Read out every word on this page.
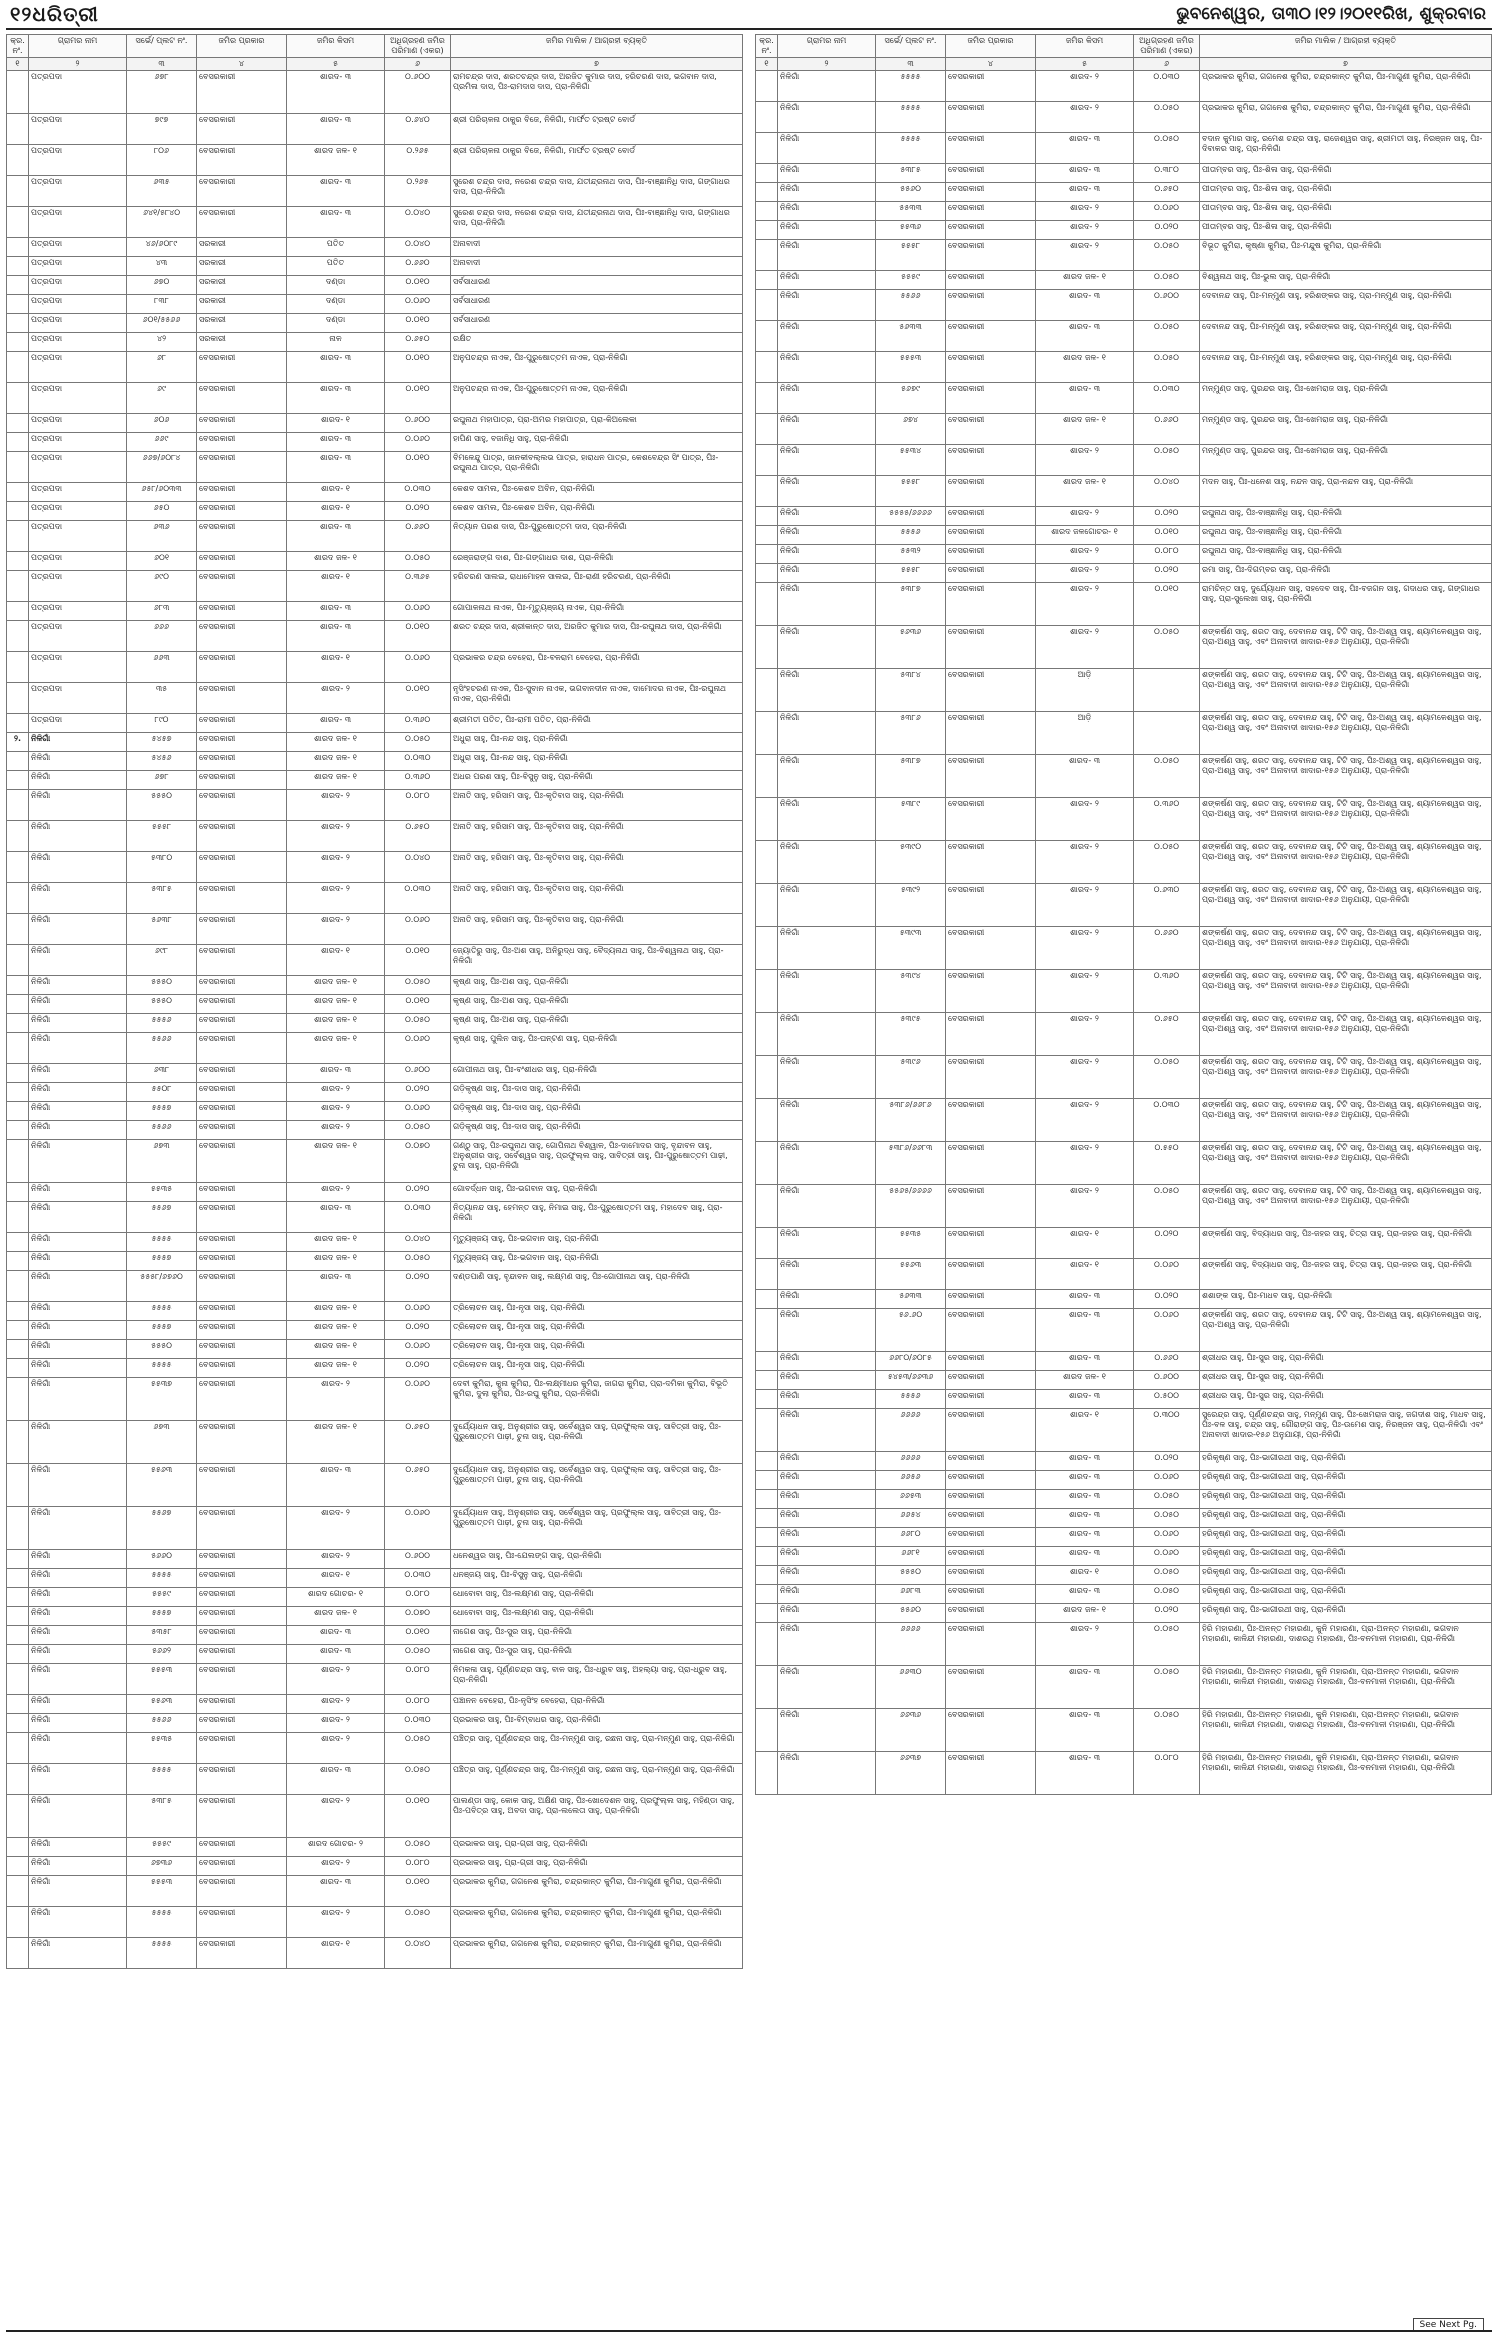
୧୨ଧରିତ୍ରୀ	ଭୁବନେଶ୍ୱର, ତା୩୦।୧୨।୨୦୧୧ରିଖ, ଶୁକ୍ରବାର
କ୍ର. ନଂ.	ଗ୍ରାମର ନାମ	ସର୍ଭେ/ ପ୍ଲଟ ନଂ.	ଜମିର ପ୍ରକାର	ଜମିର କିସମ	ଅଧିଗ୍ରହଣ ଜମିର ପରିମାଣ (ଏକର)	ଜମିର ମାଲିକ / ଆଗ୍ରହୀ ବ୍ୟକ୍ତି
୧	୨	୩	୪	୫	୬	୭
	ପତ୍ରପଦା	୬୭୮	ବେସରକାରୀ	ଶାରଦ- ୩	୦.୬୦୦	ରାମଚନ୍ଦ୍ର ଦାସ, ଶରତଚନ୍ଦ୍ର ଦାସ, ଅରଜିତ କୁମାର ଦାସ, ହରିଚରଣ ଦାସ, ଭଗବାନ ଦାସ, ପ୍ରମିଳା ଦାସ, ପିଃ-ରାମଦାସ ଦାସ, ପ୍ରା-ନିଳିଗାଁ
	ପତ୍ରପଦା	୭୯୭	ବେସରକାରୀ	ଶାରଦ- ୩	୦.୬୪୦	ଶ୍ରୀ ପରିଚାଳନା ଠାକୁର ବିଜେ, ନିଳିଗାଁ, ମାର୍ଫତ ଟ୍ରଷ୍ଟ ବୋର୍ଡ
	ପତ୍ରପଦା	୮୦୬	ବେସରକାରୀ	ଶାରଦ ଜଳ- ୧	୦.୨୬୫	ଶ୍ରୀ ପରିଚାଳନା ଠାକୁର ବିଜେ, ନିଳିଗାଁ, ମାର୍ଫତ ଟ୍ରଷ୍ଟ ବୋର୍ଡ
	ପତ୍ରପଦା	୬୩୫	ବେସରକାରୀ	ଶାରଦ- ୩	୦.୨୬୫	ସୁରେଶ ଚନ୍ଦ୍ର ଦାସ, ନରେଶ ଚନ୍ଦ୍ର ଦାସ, ଯତୀନ୍ଦ୍ରନାଥ ଦାସ, ପିଃ-ବାଞ୍ଛାନିଧି ଦାସ, ଗଙ୍ଗାଧର ଦାସ, ପ୍ରା-ନିଳିଗାଁ
	ପତ୍ରପଦା	୬୪୧/୫୮୪୦	ବେସରକାରୀ	ଶାରଦ- ୩	୦.୦୪୦	ସୁରେଶ ଚନ୍ଦ୍ର ଦାସ, ନରେଶ ଚନ୍ଦ୍ର ଦାସ, ଯତୀନ୍ଦ୍ରନାଥ ଦାସ, ପିଃ-ବାଞ୍ଛାନିଧି ଦାସ, ଗଙ୍ଗାଧର ଦାସ, ପ୍ରା-ନିଳିଗାଁ
	ପତ୍ରପଦା	୪୬/୬୦୮୯	ସରକାରୀ	ପତିତ	୦.୦୪୦	ଅନାବାଦୀ
	ପତ୍ରପଦା	୪୩	ସରକାରୀ	ପତିତ	୦.୬୬୦	ଅନାବାଦୀ
	ପତ୍ରପଦା	୬୭୦	ସରକାରୀ	ଦଣ୍ଡା	୦.୦୧୦	ସର୍ବସାଧାରଣ
	ପତ୍ରପଦା	୮୩୮	ସରକାରୀ	ଦଣ୍ଡା	୦.୦୬୦	ସର୍ବସାଧାରଣ
	ପତ୍ରପଦା	୬୦୧/୫୫୬୬	ସରକାରୀ	ଦଣ୍ଡା	୦.୦୧୦	ସର୍ବସାଧାରଣ
	ପତ୍ରପଦା	୪୨	ସରକାରୀ	ନାଳ	୦.୬୫୦	ରକ୍ଷିତ
	ପତ୍ରପଦା	୬୮	ବେସରକାରୀ	ଶାରଦ- ୩	୦.୦୧୦	ଅନୁପଚନ୍ଦ୍ର ନାଏକ, ପିଃ-ପୁରୁଷୋତ୍ତମ ନାଏକ, ପ୍ରା-ନିଳିଗାଁ
	ପତ୍ରପଦା	୬୯	ବେସରକାରୀ	ଶାରଦ- ୩	୦.୦୧୦	ଅନୁପଚନ୍ଦ୍ର ନାଏକ, ପିଃ-ପୁରୁଷୋତ୍ତମ ନାଏକ, ପ୍ରା-ନିଳିଗାଁ
	ପତ୍ରପଦା	୬୦୬	ବେସରକାରୀ	ଶାରଦ- ୧	୦.୬୦୦	ରଘୁନାଥ ମହାପାତ୍ର, ପ୍ରା-ଅମର ମହାପାତ୍ର, ପ୍ରା-କିଅଲେକା
	ପତ୍ରପଦା	୬୬୯	ବେସରକାରୀ	ଶାରଦ- ୩	୦.୦୬୦	ହାପିଣ ସାହୁ, ବଜାନିଧି ସାହୁ, ପ୍ରା-ନିଳିଗାଁ
	ପତ୍ରପଦା	୬୬୭/୬୦୮୪	ବେସରକାରୀ	ଶାରଦ- ୩	୦.୦୧୦	ବିମଳେନ୍ଦୁ ପାତ୍ର, ଜାନକୀବଲ୍ଲଭ ପାତ୍ର, ହାରାଧନ ପାତ୍ର, କେଶବେନ୍ଦ୍ର ସିଂ ପାତ୍ର, ପିଃ-ରଘୁନାଥ ପାତ୍ର, ପ୍ରା-ନିଳିଗାଁ
	ପତ୍ରପଦା	୬୫୮/୬୦୩୩	ବେସରକାରୀ	ଶାରଦ- ୧	୦.୦୩୦	କେଶବ ସାମଲ, ପିଃ-କେଶବ ଅବିନ, ପ୍ରା-ନିଳିଗାଁ
	ପତ୍ରପଦା	୬୫୦	ବେସରକାରୀ	ଶାରଦ- ୧	୦.୦୨୦	କେଶବ ସାମଲ, ପିଃ-କେଶବ ଅବିନ, ପ୍ରା-ନିଳିଗାଁ
	ପତ୍ରପଦା	୬୩୬	ବେସରକାରୀ	ଶାରଦ- ୩	୦.୬୬୦	ନିତ୍ୟାନ ପରଶ ଦାସ, ପିଃ-ପୁରୁଷୋତ୍ତମ ଦାସ, ପ୍ରା-ନିଳିଗାଁ
	ପତ୍ରପଦା	୬୦୧	ବେସରକାରୀ	ଶାରଦ ଜଳ- ୧	୦.୦୫୦	ରେଞ୍ଜରାଙ୍ଗ ଦାଶ, ପିଃ-ଗଙ୍ଗାଧର ଦାଶ, ପ୍ରା-ନିଳିଗାଁ
	ପତ୍ରପଦା	୬୯୦	ବେସରକାରୀ	ଶାରଦ- ୧	୦.୩୬୫	ହରିଚରଣ ସାଲଇ, ରାଧାମୋହନ ସାଲଇ, ପିଃ-ରାଣୀ ହରିଚରଣ, ପ୍ରା-ନିଳିଗାଁ
	ପତ୍ରପଦା	୬୮୩	ବେସରକାରୀ	ଶାରଦ- ୩	୦.୦୬୦	ଗୋପାଳନାଥ ନାଏକ, ପିଃ-ମୃତ୍ୟୁଞ୍ଜୟ ନାଏକ, ପ୍ରା-ନିଳିଗାଁ
	ପତ୍ରପଦା	୬୬୬	ବେସରକାରୀ	ଶାରଦ- ୩	୦.୦୧୦	ଶରତ ଚନ୍ଦ୍ର ଦାସ, ଶ୍ରୀକାନ୍ତ ଦାସ, ଅରଜିତ କୁମାର ଦାସ, ପିଃ-ରଘୁନାଥ ଦାସ, ପ୍ରା-ନିଳିଗାଁ
	ପତ୍ରପଦା	୬୬୩	ବେସରକାରୀ	ଶାରଦ- ୧	୦.୦୬୦	ପ୍ରଭାକର ଚନ୍ଦ୍ର ବେହେରା, ପିଃ-ବଳରାମ ବେହେରା, ପ୍ରା-ନିଳିଗାଁ
	ପତ୍ରପଦା	୩୫	ବେସରକାରୀ	ଶାରଦ- ୨	୦.୦୧୦	ନୃସିଂହଚରଣ ନାଏକ, ପିଃ-ସୁବାନ ନାଏକ, ଭଗବାନଦୀନ ନାଏକ, ଦାମୋଦର ନାଏକ, ପିଃ-ରଘୁନାଥ ନାଏକ, ପ୍ରା-ନିଳିଗାଁ
	ପତ୍ରପଦା	୮୯୦	ବେସରକାରୀ	ଶାରଦ- ୩	୦.୩୬୦	ଶ୍ରୀମତୀ ପତିତ, ପିଃ-ରାମୀ ପତିତ, ପ୍ରା-ନିଳିଗାଁ
୨.	ନିଳିଗାଁ	୫୪୫୭	ବେସରକାରୀ	ଶାରଦ ଜଳ- ୧	୦.୦୫୦	ଅଧୁରା ସାହୁ, ପିଃ-ନନ୍ଦ ସାହୁ, ପ୍ରା-ନିଳିଗାଁ
	ନିଳିଗାଁ	୫୪୫୬	ବେସରକାରୀ	ଶାରଦ ଜଳ- ୧	୦.୦୩୦	ଅଧୁରା ସାହୁ, ପିଃ-ନନ୍ଦ ସାହୁ, ପ୍ରା-ନିଳିଗାଁ
	ନିଳିଗାଁ	୬୭୮	ବେସରକାରୀ	ଶାରଦ ଜଳ- ୧	୦.୩୬୦	ଅଧର ପରଶ ସାହୁ, ପିଃ-ବିସୁନୁ ସାହୁ, ପ୍ରା-ନିଳିଗାଁ
	ନିଳିଗାଁ	୫୫୫୦	ବେସରକାରୀ	ଶାରଦ- ୨	୦.୦୮୦	ଅନାତି ସାହୁ, ହରିସାମ ସାହୁ, ପିଃ-କୃତିବାସ ସାହୁ, ପ୍ରା-ନିଳିଗାଁ
	ନିଳିଗାଁ	୫୫୫୮	ବେସରକାରୀ	ଶାରଦ- ୨	୦.୬୫୦	ଅନାତି ସାହୁ, ହରିସାମ ସାହୁ, ପିଃ-କୃତିବାସ ସାହୁ, ପ୍ରା-ନିଳିଗାଁ
	ନିଳିଗାଁ	୫୩୮୦	ବେସରକାରୀ	ଶାରଦ- ୨	୦.୦୪୦	ଅନାତି ସାହୁ, ହରିସାମ ସାହୁ, ପିଃ-କୃତିବାସ ସାହୁ, ପ୍ରା-ନିଳିଗାଁ
	ନିଳିଗାଁ	୫୩୮୫	ବେସରକାରୀ	ଶାରଦ- ୨	୦.୦୩୦	ଅନାତି ସାହୁ, ହରିସାମ ସାହୁ, ପିଃ-କୃତିବାସ ସାହୁ, ପ୍ରା-ନିଳିଗାଁ
	ନିଳିଗାଁ	୫୬୩୮	ବେସରକାରୀ	ଶାରଦ- ୨	୦.୦୬୦	ଅନାତି ସାହୁ, ହରିସାମ ସାହୁ, ପିଃ-କୃତିବାସ ସାହୁ, ପ୍ରା-ନିଳିଗାଁ
	ନିଳିଗାଁ	୬୯୮	ବେସରକାରୀ	ଶାରଦ- ୧	୦.୦୧୦	ଜ୍ୟୋତିରୁ ସାହୁ, ପିଃ-ଅଶ ସାହୁ, ଅନିରୁଦ୍ଧ ସାହୁ, ବୈଦ୍ୟନାଥ ସାହୁ, ପିଃ-ବିଶ୍ୱନାଥ ସାହୁ, ପ୍ରା-ନିଳିଗାଁ
	ନିଳିଗାଁ	୫୫୫୦	ବେସରକାରୀ	ଶାରଦ ଜଳ- ୧	୦.୦୫୦	କୃଷ୍ଣ ସାହୁ, ପିଃ-ଅଶ ସାହୁ, ପ୍ରା-ନିଳିଗାଁ
	ନିଳିଗାଁ	୫୫୫୦	ବେସରକାରୀ	ଶାରଦ ଜଳ- ୧	୦.୦୧୦	କୃଷ୍ଣ ସାହୁ, ପିଃ-ଅଶ ସାହୁ, ପ୍ରା-ନିଳିଗାଁ
	ନିଳିଗାଁ	୫୫୫୬	ବେସରକାରୀ	ଶାରଦ ଜଳ- ୧	୦.୦୫୦	କୃଷ୍ଣ ସାହୁ, ପିଃ-ଅଶ ସାହୁ, ପ୍ରା-ନିଳିଗାଁ
	ନିଳିଗାଁ	୫୫୬୬	ବେସରକାରୀ	ଶାରଦ ଜଳ- ୧	୦.୦୬୦	କୃଷ୍ଣ ସାହୁ, ପୁଲିନ ସାହୁ, ପିଃ-ଘନ୍ଟଣ ସାହୁ, ପ୍ରା-ନିଳିଗାଁ
	ନିଳିଗାଁ	୬୩୮	ବେସରକାରୀ	ଶାରଦ- ୩	୦.୬୦୦	ଗୋପୀନାଥ ସାହୁ, ପିଃ-ବଂଶୀଧର ସାହୁ, ପ୍ରା-ନିଳିଗାଁ
	ନିଳିଗାଁ	୫୫୦୮	ବେସରକାରୀ	ଶାରଦ- ୨	୦.୦୨୦	ଗଡ଼ିକୃଷ୍ଣ ସାହୁ, ପିଃ-ଦାସ ସାହୁ, ପ୍ରା-ନିଳିଗାଁ
	ନିଳିଗାଁ	୫୫୫୭	ବେସରକାରୀ	ଶାରଦ- ୨	୦.୦୬୦	ଗଡ଼ିକୃଷ୍ଣ ସାହୁ, ପିଃ-ଦାସ ସାହୁ, ପ୍ରା-ନିଳିଗାଁ
	ନିଳିଗାଁ	୫୫୬୬	ବେସରକାରୀ	ଶାରଦ- ୨	୦.୦୫୦	ଗଡ଼ିକୃଷ୍ଣ ସାହୁ, ପିଃ-ଦାସ ସାହୁ, ପ୍ରା-ନିଳିଗାଁ
	ନିଳିଗାଁ	୬୭୩	ବେସରକାରୀ	ଶାରଦ ଜଳ- ୧	୦.୦୭୦	ଗଣ୍ଠୁ ସାହୁ, ପିଃ-ରଘୁନାଥ ସାହୁ, ଗୋପିନାଥ ବିଶ୍ୱାଳ, ପିଃ-ଦାମୋଦର ସାହୁ, ବୃନ୍ଦାବନ ସାହୁ, ଅନୁଶ୍ରୀର ସାହୁ, ସର୍ବେଶ୍ୱର ସାହୁ, ପ୍ରଫୁଲ୍ଲ ସାହୁ, ସାବିତ୍ରୀ ସାହୁ, ପିଃ-ପୁରୁଷୋତ୍ତମ ପାଢ଼ୀ, ଚୁନା ସାହୁ, ପ୍ରା-ନିଳିଗାଁ
	ନିଳିଗାଁ	୫୫୩୫	ବେସରକାରୀ	ଶାରଦ- ୨	୦.୦୨୦	ଗୋବର୍ଦ୍ଧନ ସାହୁ, ପିଃ-ଭଗବାନ ସାହୁ, ପ୍ରା-ନିଳିଗାଁ
	ନିଳିଗାଁ	୫୫୬୭	ବେସରକାରୀ	ଶାରଦ- ୩	୦.୦୩୦	ନିତ୍ୟାନନ୍ଦ ସାହୁ, ହେମନ୍ତ ସାହୁ, ନିମାଇ ସାହୁ, ପିଃ-ପୁରୁଷୋତ୍ତମ ସାହୁ, ମହାଦେବ ସାହୁ, ପ୍ରା-ନିଳିଗାଁ
	ନିଳିଗାଁ	୫୫୫୫	ବେସରକାରୀ	ଶାରଦ ଜଳ- ୧	୦.୦୪୦	ମୃତ୍ୟୁଞ୍ଜୟ ସାହୁ, ପିଃ-ଭଗବାନ ସାହୁ, ପ୍ରା-ନିଳିଗାଁ
	ନିଳିଗାଁ	୫୫୫୭	ବେସରକାରୀ	ଶାରଦ ଜଳ- ୧	୦.୦୫୦	ମୃତ୍ୟୁଞ୍ଜୟ ସାହୁ, ପିଃ-ଭଗବାନ ସାହୁ, ପ୍ରା-ନିଳିଗାଁ
	ନିଳିଗାଁ	୫୫୫୮/୬୭୬୦	ବେସରକାରୀ	ଶାରଦ- ୩	୦.୦୨୦	ଦଣ୍ଡପାଣି ସାହୁ, ବୃନ୍ଦାବନ ସାହୁ, ଲକ୍ଷ୍ମଣ ସାହୁ, ପିଃ-ଗୋପୀନାଥ ସାହୁ, ପ୍ରା-ନିଳିଗାଁ
	ନିଳିଗାଁ	୫୫୫୫	ବେସରକାରୀ	ଶାରଦ ଜଳ- ୧	୦.୦୬୦	ତ୍ରିଲୋଚନ ସାହୁ, ପିଃ-ନୃସା ସାହୁ, ପ୍ରା-ନିଳିଗାଁ
	ନିଳିଗାଁ	୫୫୫୭	ବେସରକାରୀ	ଶାରଦ ଜଳ- ୧	୦.୦୨୦	ତ୍ରିଲୋଚନ ସାହୁ, ପିଃ-ନୃସା ସାହୁ, ପ୍ରା-ନିଳିଗାଁ
	ନିଳିଗାଁ	୫୫୫୦	ବେସରକାରୀ	ଶାରଦ ଜଳ- ୧	୦.୦୬୦	ତ୍ରିଲୋଚନ ସାହୁ, ପିଃ-ନୃସା ସାହୁ, ପ୍ରା-ନିଳିଗାଁ
	ନିଳିଗାଁ	୫୫୫୫	ବେସରକାରୀ	ଶାରଦ ଜଳ- ୧	୦.୦୨୦	ତ୍ରିଲୋଚନ ସାହୁ, ପିଃ-ନୃସା ସାହୁ, ପ୍ରା-ନିଳିଗାଁ
	ନିଳିଗାଁ	୫୫୩୭	ବେସରକାରୀ	ଶାରଦ- ୨	୦.୦୬୦	ଦେବୀ କୁମିରା, କୁନା କୁମିରା, ପିଃ-ଲକ୍ଷ୍ମୀଧର କୁମିରା, ଜାଗରା କୁମିରା, ପ୍ରା-ଦମିକା କୁମିରା, ବିଭୂତି କୁମିରା, ଦୁଲା କୁମିରା, ପିଃ-ରଘୁ କୁମିରା, ପ୍ରା-ନିଳିଗାଁ
	ନିଳିଗାଁ	୬୭୩	ବେସରକାରୀ	ଶାରଦ ଜଳ- ୧	୦.୬୫୦	ଦୁର୍ଯ୍ୟୋଧନ ସାହୁ, ଅନୁଶ୍ରୀର ସାହୁ, ସର୍ବେଶ୍ୱର ସାହୁ, ପ୍ରଫୁଲ୍ଲ ସାହୁ, ସାବିତ୍ରୀ ସାହୁ, ପିଃ-ପୁରୁଷୋତ୍ତମ ପାଢ଼ୀ, ଚୁନା ସାହୁ, ପ୍ରା-ନିଳିଗାଁ
	ନିଳିଗାଁ	୫୫୬୩	ବେସରକାରୀ	ଶାରଦ- ୩	୦.୬୫୦	ଦୁର୍ଯ୍ୟୋଧନ ସାହୁ, ଅନୁଶ୍ରୀର ସାହୁ, ସର୍ବେଶ୍ୱର ସାହୁ, ପ୍ରଫୁଲ୍ଲ ସାହୁ, ସାବିତ୍ରୀ ସାହୁ, ପିଃ-ପୁରୁଷୋତ୍ତମ ପାଢ଼ୀ, ଚୁନା ସାହୁ, ପ୍ରା-ନିଳିଗାଁ
	ନିଳିଗାଁ	୫୫୬୭	ବେସରକାରୀ	ଶାରଦ- ୨	୦.୦୬୦	ଦୁର୍ଯ୍ୟୋଧନ ସାହୁ, ଅନୁଶ୍ରୀର ସାହୁ, ସର୍ବେଶ୍ୱର ସାହୁ, ପ୍ରଫୁଲ୍ଲ ସାହୁ, ସାବିତ୍ରୀ ସାହୁ, ପିଃ-ପୁରୁଷୋତ୍ତମ ପାଢ଼ୀ, ଚୁନା ସାହୁ, ପ୍ରା-ନିଳିଗାଁ
	ନିଳିଗାଁ	୫୬୬୦	ବେସରକାରୀ	ଶାରଦ- ୨	୦.୬୦୦	ଧନେଶ୍ୱର ସାହୁ, ପିଃ-ଯେଲଙ୍ଗ ସାହୁ, ପ୍ରା-ନିଳିଗାଁ
	ନିଳିଗାଁ	୫୫୫୫	ବେସରକାରୀ	ଶାରଦ- ୧	୦.୦୩୦	ଧନଞ୍ଜୟ ସାହୁ, ପିଃ-ବିସୁନୁ ସାହୁ, ପ୍ରା-ନିଳିଗାଁ
	ନିଳିଗାଁ	୫୫୫୯	ବେସରକାରୀ	ଶାରଦ ଗୋଚର- ୧	୦.୦୮୦	ଧୋବୋବା ସାହୁ, ପିଃ-ଲକ୍ଷ୍ମଣ ସାହୁ, ପ୍ରା-ନିଳିଗାଁ
	ନିଳିଗାଁ	୫୫୫୭	ବେସରକାରୀ	ଶାରଦ ଜଳ- ୧	୦.୦୭୦	ଧୋବୋବା ସାହୁ, ପିଃ-ଲକ୍ଷ୍ମଣ ସାହୁ, ପ୍ରା-ନିଳିଗାଁ
	ନିଳିଗାଁ	୫୩୫୮	ବେସରକାରୀ	ଶାରଦ- ୩	୦.୦୧୦	ନାଗେଶ ସାହୁ, ପିଃ-ସୁର ସାହୁ, ପ୍ରା-ନିଳିଗାଁ
	ନିଳିଗାଁ	୫୬୬୨	ବେସରକାରୀ	ଶାରଦ- ୩	୦.୦୫୦	ନାଗେଶ ସାହୁ, ପିଃ-ସୁର ସାହୁ, ପ୍ରା-ନିଳିଗାଁ
	ନିଳିଗାଁ	୫୫୫୩	ବେସରକାରୀ	ଶାରଦ- ୨	୦.୦୮୦	ନିମକଳା ସାହୁ, ପୂର୍ଣ୍ଣଚନ୍ଦ୍ର ସାହୁ, ବାଳ ସାହୁ, ପିଃ-ଧ୍ରୁବ ସାହୁ, ଅହଲ୍ୟା ସାହୁ, ପ୍ରା-ଧ୍ରୁବ ସାହୁ, ପ୍ରା-ନିଳିଗାଁ
	ନିଳିଗାଁ	୫୫୬୩	ବେସରକାରୀ	ଶାରଦ- ୨	୦.୦୮୦	ପଞ୍ଚାନନ ବେହେରା, ପିଃ-ନୃସିଂହ ବେହେରା, ପ୍ରା-ନିଳିଗାଁ
	ନିଳିଗାଁ	୫୫୬୬	ବେସରକାରୀ	ଶାରଦ- ୨	୦.୦୩୦	ପ୍ରଭାକର ସାହୁ, ପିଃ-ବିମ୍ବାଧର ସାହୁ, ପ୍ରା-ନିଳିଗାଁ
	ନିଳିଗାଁ	୫୫୩୫	ବେସରକାରୀ	ଶାରଦ- ୨	୦.୦୫୦	ପଞ୍ଚିତ୍ର ସାହୁ, ପୂର୍ଣ୍ଣଚନ୍ଦ୍ର ସାହୁ, ପିଃ-ମନ୍ମୁଣ ସାହୁ, ରଛନା ସାହୁ, ପ୍ରା-ମନ୍ମୁଣ ସାହୁ, ପ୍ରା-ନିଳିଗାଁ
	ନିଳିଗାଁ	୫୫୫୫	ବେସରକାରୀ	ଶାରଦ- ୩	୦.୦୫୦	ପଞ୍ଚିତ୍ର ସାହୁ, ପୂର୍ଣ୍ଣଚନ୍ଦ୍ର ସାହୁ, ପିଃ-ମନ୍ମୁଣ ସାହୁ, ରଛନା ସାହୁ, ପ୍ରା-ମନ୍ମୁଣ ସାହୁ, ପ୍ରା-ନିଳିଗାଁ
	ନିଳିଗାଁ	୫୩୮୫	ବେସରକାରୀ	ଶାରଦ- ୨	୦.୦୧୦	ପାଲଣ୍ଡା ସାହୁ, କୋକ ସାହୁ, ଅକ୍ଷିଣ ସାହୁ, ପିଃ-ଖୋଦେଶନ ସାହୁ, ପ୍ରଫୁଲ୍ଲ ସାହୁ, ମହିଣ୍ଡା ସାହୁ, ପିଃ-ପବିତ୍ର ସାହୁ, ଅବଦା ସାହୁ, ପ୍ରା-ଲଲେତା ସାହୁ, ପ୍ରା-ନିଳିଗାଁ
	ନିଳିଗାଁ	୫୫୫୯	ବେସରକାରୀ	ଶାରଦ ଗୋଚର- ୨	୦.୦୫୦	ପ୍ରଭାକର ସାହୁ, ପ୍ରା-ଗ୍ରୀ ସାହୁ, ପ୍ରା-ନିଳିଗାଁ
	ନିଳିଗାଁ	୬୭୩୬	ବେସରକାରୀ	ଶାରଦ- ୨	୦.୦୮୦	ପ୍ରଭାକର ସାହୁ, ପ୍ରା-ଗ୍ରୀ ସାହୁ, ପ୍ରା-ନିଳିଗାଁ
	ନିଳିଗାଁ	୫୫୫୩	ବେସରକାରୀ	ଶାରଦ- ୩	୦.୦୧୦	ପ୍ରଭାକର କୁମିରା, ଗଗନେଶ କୁମିରା, ଚନ୍ଦ୍ରକାନ୍ତ କୁମିରା, ପିଃ-ମାଗୁଣୀ କୁମିରା, ପ୍ରା-ନିଳିଗାଁ
	ନିଳିଗାଁ	୫୫୫୫	ବେସରକାରୀ	ଶାରଦ- ୨	୦.୦୫୦	ପ୍ରଭାକର କୁମିରା, ଗଗନେଶ କୁମିରା, ଚନ୍ଦ୍ରକାନ୍ତ କୁମିରା, ପିଃ-ମାଗୁଣୀ କୁମିରା, ପ୍ରା-ନିଳିଗାଁ
	ନିଳିଗାଁ	୫୫୫୫	ବେସରକାରୀ	ଶାରଦ- ୧	୦.୦୪୦	ପ୍ରଭାକର କୁମିରା, ଗଗନେଶ କୁମିରା, ଚନ୍ଦ୍ରକାନ୍ତ କୁମିରା, ପିଃ-ମାଗୁଣୀ କୁମିରା, ପ୍ରା-ନିଳିଗାଁ
କ୍ର. ନଂ.	ଗ୍ରାମର ନାମ	ସର୍ଭେ/ ପ୍ଲଟ ନଂ.	ଜମିର ପ୍ରକାର	ଜମିର କିସମ	ଅଧିଗ୍ରହଣ ଜମିର ପରିମାଣ (ଏକର)	ଜମିର ମାଲିକ / ଆଗ୍ରହୀ ବ୍ୟକ୍ତି
୧	୨	୩	୪	୫	୬	୭
	ନିଳିଗାଁ	୫୫୫୫	ବେସରକାରୀ	ଶାରଦ- ୨	୦.୦୩୦	ପ୍ରଭାକର କୁମିରା, ଗଗନେଶ କୁମିରା, ଚନ୍ଦ୍ରକାନ୍ତ କୁମିରା, ପିଃ-ମାଗୁଣୀ କୁମିରା, ପ୍ରା-ନିଳିଗାଁ
	ନିଳିଗାଁ	୫୫୫୫	ବେସରକାରୀ	ଶାରଦ- ୨	୦.୦୫୦	ପ୍ରଭାକର କୁମିରା, ଗଗନେଶ କୁମିରା, ଚନ୍ଦ୍ରକାନ୍ତ କୁମିରା, ପିଃ-ମାଗୁଣୀ କୁମିରା, ପ୍ରା-ନିଳିଗାଁ
	ନିଳିଗାଁ	୫୫୫୫	ବେସରକାରୀ	ଶାରଦ- ୩	୦.୦୫୦	ବଦାନ କୁମାର ସାହୁ, ରମେଶ ଚନ୍ଦ୍ର ସାହୁ, ରାଜେଶ୍ୱର ସାହୁ, ଶ୍ରୀମତୀ ସାହୁ, ନିରଞ୍ଜନ ସାହୁ, ପିଃ-ଦିବାକର ସାହୁ, ପ୍ରା-ନିଳିଗାଁ
	ନିଳିଗାଁ	୫୩୮୫	ବେସରକାରୀ	ଶାରଦ- ୩	୦.୩୮୦	ପୀତାମ୍ବର ସାହୁ, ପିଃ-ଶିଳା ସାହୁ, ପ୍ରା-ନିଳିଗାଁ
	ନିଳିଗାଁ	୫୫୬୦	ବେସରକାରୀ	ଶାରଦ- ୩	୦.୬୫୦	ପୀତାମ୍ବର ସାହୁ, ପିଃ-ଶିଳା ସାହୁ, ପ୍ରା-ନିଳିଗାଁ
	ନିଳିଗାଁ	୫୫୩୩	ବେସରକାରୀ	ଶାରଦ- ୨	୦.୦୬୦	ପୀତାମ୍ବର ସାହୁ, ପିଃ-ଶିଳା ସାହୁ, ପ୍ରା-ନିଳିଗାଁ
	ନିଳିଗାଁ	୫୫୩୬	ବେସରକାରୀ	ଶାରଦ- ୨	୦.୦୨୦	ପୀତାମ୍ବର ସାହୁ, ପିଃ-ଶିଳା ସାହୁ, ପ୍ରା-ନିଳିଗାଁ
	ନିଳିଗାଁ	୫୫୫୮	ବେସରକାରୀ	ଶାରଦ- ୨	୦.୦୫୦	ବିଭୂତ କୁମିରା, କୃଷ୍ଣା କୁମିରା, ପିଃ-ମନ୍ଦୁଷ କୁମିରା, ପ୍ରା-ନିଳିଗାଁ
	ନିଳିଗାଁ	୫୫୫୯	ବେସରକାରୀ	ଶାରଦ ଜଳ- ୧	୦.୦୫୦	ବିଶ୍ୱନାଥ ସାହୁ, ପିଃ-ଭୁଲ ସାହୁ, ପ୍ରା-ନିଳିଗାଁ
	ନିଳିଗାଁ	୫୫୬୬	ବେସରକାରୀ	ଶାରଦ- ୩	୦.୬୦୦	ଦେବାନନ୍ଦ ସାହୁ, ପିଃ-ମନ୍ମୁଣ ସାହୁ, ହରିଶଙ୍କର ସାହୁ, ପ୍ରା-ମନ୍ମୁଣ ସାହୁ, ପ୍ରା-ନିଳିଗାଁ
	ନିଳିଗାଁ	୫୬୩୩	ବେସରକାରୀ	ଶାରଦ- ୩	୦.୦୫୦	ଦେବାନନ୍ଦ ସାହୁ, ପିଃ-ମନ୍ମୁଣ ସାହୁ, ହରିଶଙ୍କର ସାହୁ, ପ୍ରା-ମନ୍ମୁଣ ସାହୁ, ପ୍ରା-ନିଳିଗାଁ
	ନିଳିଗାଁ	୫୫୫୩	ବେସରକାରୀ	ଶାରଦ ଜଳ- ୧	୦.୦୫୦	ଦେବାନନ୍ଦ ସାହୁ, ପିଃ-ମନ୍ମୁଣ ସାହୁ, ହରିଶଙ୍କର ସାହୁ, ପ୍ରା-ମନ୍ମୁଣ ସାହୁ, ପ୍ରା-ନିଳିଗାଁ
	ନିଳିଗାଁ	୫୬୭୯	ବେସରକାରୀ	ଶାରଦ- ୩	୦.୦୩୦	ମନ୍ମୁଣ୍ଡ ସାହୁ, ପୁରନ୍ଦର ସାହୁ, ପିଃ-ଖେମରାଜ ସାହୁ, ପ୍ରା-ନିଳିଗାଁ
	ନିଳିଗାଁ	୬୭୪	ବେସରକାରୀ	ଶାରଦ ଜଳ- ୧	୦.୬୬୦	ମନ୍ମୁଣ୍ଡ ସାହୁ, ପୁରନ୍ଦର ସାହୁ, ପିଃ-ଖେମରାଜ ସାହୁ, ପ୍ରା-ନିଳିଗାଁ
	ନିଳିଗାଁ	୫୫୩୪	ବେସରକାରୀ	ଶାରଦ- ୨	୦.୦୫୦	ମନ୍ମୁଣ୍ଡ ସାହୁ, ପୁରନ୍ଦର ସାହୁ, ପିଃ-ଖେମରାଜ ସାହୁ, ପ୍ରା-ନିଳିଗାଁ
	ନିଳିଗାଁ	୫୫୫୮	ବେସରକାରୀ	ଶାରଦ ଜଳ- ୧	୦.୦୪୦	ମଦନ ସାହୁ, ପିଃ-ଧନେଶ ସାହୁ, ନନ୍ଦନ ସାହୁ, ପ୍ରା-ନନ୍ଦନ ସାହୁ, ପ୍ରା-ନିଳିଗାଁ
	ନିଳିଗାଁ	୫୫୫୫/୬୬୬୬	ବେସରକାରୀ	ଶାରଦ- ୨	୦.୦୨୦	ରଘୁନାଥ ସାହୁ, ପିଃ-ବାଞ୍ଛାନିଧି ସାହୁ, ପ୍ରା-ନିଳିଗାଁ
	ନିଳିଗାଁ	୫୫୫୬	ବେସରକାରୀ	ଶାରଦ ଜଳଗୋଚର- ୧	୦.୦୧୦	ରଘୁନାଥ ସାହୁ, ପିଃ-ବାଞ୍ଛାନିଧି ସାହୁ, ପ୍ରା-ନିଳିଗାଁ
	ନିଳିଗାଁ	୫୫୩୨	ବେସରକାରୀ	ଶାରଦ- ୨	୦.୦୮୦	ରଘୁନାଥ ସାହୁ, ପିଃ-ବାଞ୍ଛାନିଧି ସାହୁ, ପ୍ରା-ନିଳିଗାଁ
	ନିଳିଗାଁ	୫୫୫୮	ବେସରକାରୀ	ଶାରଦ- ୨	୦.୦୨୦	ରମା ସାହୁ, ପିଃ-ଦିଗମ୍ବର ସାହୁ, ପ୍ରା-ନିଳିଗାଁ
	ନିଳିଗାଁ	୫୩୮୭	ବେସରକାରୀ	ଶାରଦ- ୨	୦.୦୧୦	ରାମଚିନ୍ତ ସାହୁ, ଦୁର୍ଯ୍ୟୋଧନ ସାହୁ, ସହଦେବ ସାହୁ, ପିଃ-ବଜଗନ ସାହୁ, ଗଦାଧର ସାହୁ, ଗଙ୍ଗାଧର ସାହୁ, ପ୍ରା-ସୁଲେଖା ସାହୁ, ପ୍ରା-ନିଳିଗାଁ
	ନିଳିଗାଁ	୫୬୩୬	ବେସରକାରୀ	ଶାରଦ- ୨	୦.୦୫୦	ଶଙ୍କର୍ଷଣ ସାହୁ, ଶରତ ସାହୁ, ଦେବାନନ୍ଦ ସାହୁ, ଟିଟି ସାହୁ, ପିଃ-ଅଶ୍ୱ ସାହୁ, ଶ୍ୟାମଳେଶ୍ୱର ସାହୁ, ପ୍ରା-ଅଶ୍ୱ ସାହୁ, ଏବଂ ଅନାବାଦୀ ଖାଦାର-୧୫୬ ଅନୁଯାୟୀ, ପ୍ରା-ନିଳିଗାଁ
	ନିଳିଗାଁ	୫୩୮୪	ବେସରକାରୀ	ଆଡ଼ି		ଶଙ୍କର୍ଷଣ ସାହୁ, ଶରତ ସାହୁ, ଦେବାନନ୍ଦ ସାହୁ, ଟିଟି ସାହୁ, ପିଃ-ଅଶ୍ୱ ସାହୁ, ଶ୍ୟାମଳେଶ୍ୱର ସାହୁ, ପ୍ରା-ଅଶ୍ୱ ସାହୁ, ଏବଂ ଅନାବାଦୀ ଖାଦାର-୧୫୬ ଅନୁଯାୟୀ, ପ୍ରା-ନିଳିଗାଁ
	ନିଳିଗାଁ	୫୩୮୬	ବେସରକାରୀ	ଆଡ଼ି		ଶଙ୍କର୍ଷଣ ସାହୁ, ଶରତ ସାହୁ, ଦେବାନନ୍ଦ ସାହୁ, ଟିଟି ସାହୁ, ପିଃ-ଅଶ୍ୱ ସାହୁ, ଶ୍ୟାମଳେଶ୍ୱର ସାହୁ, ପ୍ରା-ଅଶ୍ୱ ସାହୁ, ଏବଂ ଅନାବାଦୀ ଖାଦାର-୧୫୬ ଅନୁଯାୟୀ, ପ୍ରା-ନିଳିଗାଁ
	ନିଳିଗାଁ	୫୩୮୭	ବେସରକାରୀ	ଶାରଦ- ୩	୦.୦୫୦	ଶଙ୍କର୍ଷଣ ସାହୁ, ଶରତ ସାହୁ, ଦେବାନନ୍ଦ ସାହୁ, ଟିଟି ସାହୁ, ପିଃ-ଅଶ୍ୱ ସାହୁ, ଶ୍ୟାମଳେଶ୍ୱର ସାହୁ, ପ୍ରା-ଅଶ୍ୱ ସାହୁ, ଏବଂ ଅନାବାଦୀ ଖାଦାର-୧୫୬ ଅନୁଯାୟୀ, ପ୍ରା-ନିଳିଗାଁ
	ନିଳିଗାଁ	୫୩୮୯	ବେସରକାରୀ	ଶାରଦ- ୨	୦.୩୬୦	ଶଙ୍କର୍ଷଣ ସାହୁ, ଶରତ ସାହୁ, ଦେବାନନ୍ଦ ସାହୁ, ଟିଟି ସାହୁ, ପିଃ-ଅଶ୍ୱ ସାହୁ, ଶ୍ୟାମଳେଶ୍ୱର ସାହୁ, ପ୍ରା-ଅଶ୍ୱ ସାହୁ, ଏବଂ ଅନାବାଦୀ ଖାଦାର-୧୫୬ ଅନୁଯାୟୀ, ପ୍ରା-ନିଳିଗାଁ
	ନିଳିଗାଁ	୫୩୯୦	ବେସରକାରୀ	ଶାରଦ- ୨	୦.୦୫୦	ଶଙ୍କର୍ଷଣ ସାହୁ, ଶରତ ସାହୁ, ଦେବାନନ୍ଦ ସାହୁ, ଟିଟି ସାହୁ, ପିଃ-ଅଶ୍ୱ ସାହୁ, ଶ୍ୟାମଳେଶ୍ୱର ସାହୁ, ପ୍ରା-ଅଶ୍ୱ ସାହୁ, ଏବଂ ଅନାବାଦୀ ଖାଦାର-୧୫୬ ଅନୁଯାୟୀ, ପ୍ରା-ନିଳିଗାଁ
	ନିଳିଗାଁ	୫୩୯୨	ବେସରକାରୀ	ଶାରଦ- ୨	୦.୬୩୦	ଶଙ୍କର୍ଷଣ ସାହୁ, ଶରତ ସାହୁ, ଦେବାନନ୍ଦ ସାହୁ, ଟିଟି ସାହୁ, ପିଃ-ଅଶ୍ୱ ସାହୁ, ଶ୍ୟାମଳେଶ୍ୱର ସାହୁ, ପ୍ରା-ଅଶ୍ୱ ସାହୁ, ଏବଂ ଅନାବାଦୀ ଖାଦାର-୧୫୬ ଅନୁଯାୟୀ, ପ୍ରା-ନିଳିଗାଁ
	ନିଳିଗାଁ	୫୩୯୩	ବେସରକାରୀ	ଶାରଦ- ୨	୦.୬୬୦	ଶଙ୍କର୍ଷଣ ସାହୁ, ଶରତ ସାହୁ, ଦେବାନନ୍ଦ ସାହୁ, ଟିଟି ସାହୁ, ପିଃ-ଅଶ୍ୱ ସାହୁ, ଶ୍ୟାମଳେଶ୍ୱର ସାହୁ, ପ୍ରା-ଅଶ୍ୱ ସାହୁ, ଏବଂ ଅନାବାଦୀ ଖାଦାର-୧୫୬ ଅନୁଯାୟୀ, ପ୍ରା-ନିଳିଗାଁ
	ନିଳିଗାଁ	୫୩୯୪	ବେସରକାରୀ	ଶାରଦ- ୨	୦.୩୬୦	ଶଙ୍କର୍ଷଣ ସାହୁ, ଶରତ ସାହୁ, ଦେବାନନ୍ଦ ସାହୁ, ଟିଟି ସାହୁ, ପିଃ-ଅଶ୍ୱ ସାହୁ, ଶ୍ୟାମଳେଶ୍ୱର ସାହୁ, ପ୍ରା-ଅଶ୍ୱ ସାହୁ, ଏବଂ ଅନାବାଦୀ ଖାଦାର-୧୫୬ ଅନୁଯାୟୀ, ପ୍ରା-ନିଳିଗାଁ
	ନିଳିଗାଁ	୫୩୯୫	ବେସରକାରୀ	ଶାରଦ- ୨	୦.୬୫୦	ଶଙ୍କର୍ଷଣ ସାହୁ, ଶରତ ସାହୁ, ଦେବାନନ୍ଦ ସାହୁ, ଟିଟି ସାହୁ, ପିଃ-ଅଶ୍ୱ ସାହୁ, ଶ୍ୟାମଳେଶ୍ୱର ସାହୁ, ପ୍ରା-ଅଶ୍ୱ ସାହୁ, ଏବଂ ଅନାବାଦୀ ଖାଦାର-୧୫୬ ଅନୁଯାୟୀ, ପ୍ରା-ନିଳିଗାଁ
	ନିଳିଗାଁ	୫୩୯୬	ବେସରକାରୀ	ଶାରଦ- ୨	୦.୦୫୦	ଶଙ୍କର୍ଷଣ ସାହୁ, ଶରତ ସାହୁ, ଦେବାନନ୍ଦ ସାହୁ, ଟିଟି ସାହୁ, ପିଃ-ଅଶ୍ୱ ସାହୁ, ଶ୍ୟାମଳେଶ୍ୱର ସାହୁ, ପ୍ରା-ଅଶ୍ୱ ସାହୁ, ଏବଂ ଅନାବାଦୀ ଖାଦାର-୧୫୬ ଅନୁଯାୟୀ, ପ୍ରା-ନିଳିଗାଁ
	ନିଳିଗାଁ	୫୩୮୬/୬୬୮୬	ବେସରକାରୀ	ଶାରଦ- ୨	୦.୦୩୦	ଶଙ୍କର୍ଷଣ ସାହୁ, ଶରତ ସାହୁ, ଦେବାନନ୍ଦ ସାହୁ, ଟିଟି ସାହୁ, ପିଃ-ଅଶ୍ୱ ସାହୁ, ଶ୍ୟାମଳେଶ୍ୱର ସାହୁ, ପ୍ରା-ଅଶ୍ୱ ସାହୁ, ଏବଂ ଅନାବାଦୀ ଖାଦାର-୧୫୬ ଅନୁଯାୟୀ, ପ୍ରା-ନିଳିଗାଁ
	ନିଳିଗାଁ	୫୩୮୬/୬୬୮୩	ବେସରକାରୀ	ଶାରଦ- ୨	୦.୫୫୦	ଶଙ୍କର୍ଷଣ ସାହୁ, ଶରତ ସାହୁ, ଦେବାନନ୍ଦ ସାହୁ, ଟିଟି ସାହୁ, ପିଃ-ଅଶ୍ୱ ସାହୁ, ଶ୍ୟାମଳେଶ୍ୱର ସାହୁ, ପ୍ରା-ଅଶ୍ୱ ସାହୁ, ଏବଂ ଅନାବାଦୀ ଖାଦାର-୧୫୬ ଅନୁଯାୟୀ, ପ୍ରା-ନିଳିଗାଁ
	ନିଳିଗାଁ	୫୫୬୫/୬୬୬୬	ବେସରକାରୀ	ଶାରଦ- ୨	୦.୦୫୦	ଶଙ୍କର୍ଷଣ ସାହୁ, ଶରତ ସାହୁ, ଦେବାନନ୍ଦ ସାହୁ, ଟିଟି ସାହୁ, ପିଃ-ଅଶ୍ୱ ସାହୁ, ଶ୍ୟାମଳେଶ୍ୱର ସାହୁ, ପ୍ରା-ଅଶ୍ୱ ସାହୁ, ଏବଂ ଅନାବାଦୀ ଖାଦାର-୧୫୬ ଅନୁଯାୟୀ, ପ୍ରା-ନିଳିଗାଁ
	ନିଳିଗାଁ	୫୫୩୫	ବେସରକାରୀ	ଶାରଦ- ୧	୦.୦୨୦	ଶଙ୍କର୍ଷଣ ସାହୁ, ବିଦ୍ୟାଧର ସାହୁ, ପିଃ-ଜହର ସାହୁ, ଚିତ୍ରା ସାହୁ, ପ୍ରା-ଜହର ସାହୁ, ପ୍ରା-ନିଳିଗାଁ
	ନିଳିଗାଁ	୫୫୬୩	ବେସରକାରୀ	ଶାରଦ- ୧	୦.୦୬୦	ଶଙ୍କର୍ଷଣ ସାହୁ, ବିଦ୍ୟାଧର ସାହୁ, ପିଃ-ଜହର ସାହୁ, ଚିତ୍ରା ସାହୁ, ପ୍ରା-ଜହର ସାହୁ, ପ୍ରା-ନିଳିଗାଁ
	ନିଳିଗାଁ	୫୬୩୩	ବେସରକାରୀ	ଶାରଦ- ୩	୦.୦୨୦	ଶଶାଙ୍କ ସାହୁ, ପିଃ-ମାଧବ ସାହୁ, ପ୍ରା-ନିଳିଗାଁ
	ନିଳିଗାଁ	୫୬.୬୦	ବେସରକାରୀ	ଶାରଦ- ୩	୦.୦୬୦	ଶଙ୍କର୍ଷଣ ସାହୁ, ଶରତ ସାହୁ, ଦେବାନନ୍ଦ ସାହୁ, ଟିଟି ସାହୁ, ପିଃ-ଅଶ୍ୱ ସାହୁ, ଶ୍ୟାମଳେଶ୍ୱର ସାହୁ, ପ୍ରା-ଅଶ୍ୱ ସାହୁ, ପ୍ରା-ନିଳିଗାଁ
	ନିଳିଗାଁ	୬୬୮୦/୬୦୮୫	ବେସରକାରୀ	ଶାରଦ- ୩	୦.୬୬୦	ଶ୍ରୀଧର ସାହୁ, ପିଃ-ସୁର ସାହୁ, ପ୍ରା-ନିଳିଗାଁ
	ନିଳିଗାଁ	୫୪୫୩/୬୬୩୬	ବେସରକାରୀ	ଶାରଦ ଜଳ- ୧	୦.୬୦୦	ଶ୍ରୀଧର ସାହୁ, ପିଃ-ସୁର ସାହୁ, ପ୍ରା-ନିଳିଗାଁ
	ନିଳିଗାଁ	୫୫୫୬	ବେସରକାରୀ	ଶାରଦ- ୩	୦.୫୦୦	ଶ୍ରୀଧର ସାହୁ, ପିଃ-ସୁର ସାହୁ, ପ୍ରା-ନିଳିଗାଁ
	ନିଳିଗାଁ	୬୬୬୬	ବେସରକାରୀ	ଶାରଦ- ୧	୦.୩୦୦	ସୁରେନ୍ଦ୍ର ସାହୁ, ପୂର୍ଣ୍ଣଚନ୍ଦ୍ର ସାହୁ, ମନ୍ମୁଣ ସାହୁ, ପିଃ-ଖେମରାଜ ସାହୁ, ଜଗଦୀଶ ସାହୁ, ମାଧବ ସାହୁ, ପିଃ-ବଳ ସାହୁ, ଚନ୍ଦ୍ର ସାହୁ, ଗୌରାଙ୍ଗ ସାହୁ, ପିଃ-ଉମେଶ ସାହୁ, ନିରଞ୍ଜନ ସାହୁ, ପ୍ରା-ନିଳିଗାଁ ଏବଂ ଅନାବାଦୀ ଖାଦାର-୧୫୬ ଅନୁଯାୟୀ, ପ୍ରା-ନିଳିଗାଁ
	ନିଳିଗାଁ	୬୬୬୬	ବେସରକାରୀ	ଶାରଦ- ୩	୦.୦୨୦	ହରିକୃଷ୍ଣ ସାହୁ, ପିଃ-ଭାଗୀରଥୀ ସାହୁ, ପ୍ରା-ନିଳିଗାଁ
	ନିଳିଗାଁ	୬୬୫୬	ବେସରକାରୀ	ଶାରଦ- ୩	୦.୦୬୦	ହରିକୃଷ୍ଣ ସାହୁ, ପିଃ-ଭାଗୀରଥୀ ସାହୁ, ପ୍ରା-ନିଳିଗାଁ
	ନିଳିଗାଁ	୬୬୫୩	ବେସରକାରୀ	ଶାରଦ- ୩	୦.୦୫୦	ହରିକୃଷ୍ଣ ସାହୁ, ପିଃ-ଭାଗୀରଥୀ ସାହୁ, ପ୍ରା-ନିଳିଗାଁ
	ନିଳିଗାଁ	୬୬୫୪	ବେସରକାରୀ	ଶାରଦ- ୩	୦.୦୫୦	ହରିକୃଷ୍ଣ ସାହୁ, ପିଃ-ଭାଗୀରଥୀ ସାହୁ, ପ୍ରା-ନିଳିଗାଁ
	ନିଳିଗାଁ	୬୬୮୦	ବେସରକାରୀ	ଶାରଦ- ୩	୦.୦୬୦	ହରିକୃଷ୍ଣ ସାହୁ, ପିଃ-ଭାଗୀରଥୀ ସାହୁ, ପ୍ରା-ନିଳିଗାଁ
	ନିଳିଗାଁ	୬୬୮୧	ବେସରକାରୀ	ଶାରଦ- ୩	୦.୦୬୦	ହରିକୃଷ୍ଣ ସାହୁ, ପିଃ-ଭାଗୀରଥୀ ସାହୁ, ପ୍ରା-ନିଳିଗାଁ
	ନିଳିଗାଁ	୫୫୫୦	ବେସରକାରୀ	ଶାରଦ- ୧	୦.୦୫୦	ହରିକୃଷ୍ଣ ସାହୁ, ପିଃ-ଭାଗୀରଥୀ ସାହୁ, ପ୍ରା-ନିଳିଗାଁ
	ନିଳିଗାଁ	୬୬୮୩	ବେସରକାରୀ	ଶାରଦ- ୩	୦.୦୫୦	ହରିକୃଷ୍ଣ ସାହୁ, ପିଃ-ଭାଗୀରଥୀ ସାହୁ, ପ୍ରା-ନିଳିଗାଁ
	ନିଳିଗାଁ	୫୫୬୦	ବେସରକାରୀ	ଶାରଦ ଜଳ- ୧	୦.୦୨୦	ହରିକୃଷ୍ଣ ସାହୁ, ପିଃ-ଭାଗୀରଥୀ ସାହୁ, ପ୍ରା-ନିଳିଗାଁ
	ନିଳିଗାଁ	୬୬୬୬	ବେସରକାରୀ	ଶାରଦ- ୨	୦.୦୫୦	ହିରି ମହାରଣା, ପିଃ-ଅନନ୍ତ ମହାରଣା, କୁନି ମହାରଣା, ପ୍ରା-ଅନନ୍ତ ମହାରଣା, ଭଗବାନ ମହାରଣା, କାଳିନ୍ଦୀ ମହାରଣା, ଦାଶରଥି ମହାରଣା, ପିଃ-ବନମାଳୀ ମହାରଣା, ପ୍ରା-ନିଳିଗାଁ
	ନିଳିଗାଁ	୬୬୩୦	ବେସରକାରୀ	ଶାରଦ- ୩	୦.୦୫୦	ହିରି ମହାରଣା, ପିଃ-ଅନନ୍ତ ମହାରଣା, କୁନି ମହାରଣା, ପ୍ରା-ଅନନ୍ତ ମହାରଣା, ଭଗବାନ ମହାରଣା, କାଳିନ୍ଦୀ ମହାରଣା, ଦାଶରଥି ମହାରଣା, ପିଃ-ବନମାଳୀ ମହାରଣା, ପ୍ରା-ନିଳିଗାଁ
	ନିଳିଗାଁ	୬୬୩୬	ବେସରକାରୀ	ଶାରଦ- ୩	୦.୦୫୦	ହିରି ମହାରଣା, ପିଃ-ଅନନ୍ତ ମହାରଣା, କୁନି ମହାରଣା, ପ୍ରା-ଅନନ୍ତ ମହାରଣା, ଭଗବାନ ମହାରଣା, କାଳିନ୍ଦୀ ମହାରଣା, ଦାଶରଥି ମହାରଣା, ପିଃ-ବନମାଳୀ ମହାରଣା, ପ୍ରା-ନିଳିଗାଁ
	ନିଳିଗାଁ	୬୬୩୭	ବେସରକାରୀ	ଶାରଦ- ୩	୦.୦୮୦	ହିରି ମହାରଣା, ପିଃ-ଅନନ୍ତ ମହାରଣା, କୁନି ମହାରଣା, ପ୍ରା-ଅନନ୍ତ ମହାରଣା, ଭଗବାନ ମହାରଣା, କାଳିନ୍ଦୀ ମହାରଣା, ଦାଶରଥି ମହାରଣା, ପିଃ-ବନମାଳୀ ମହାରଣା, ପ୍ରା-ନିଳିଗାଁ
See Next Pg.
